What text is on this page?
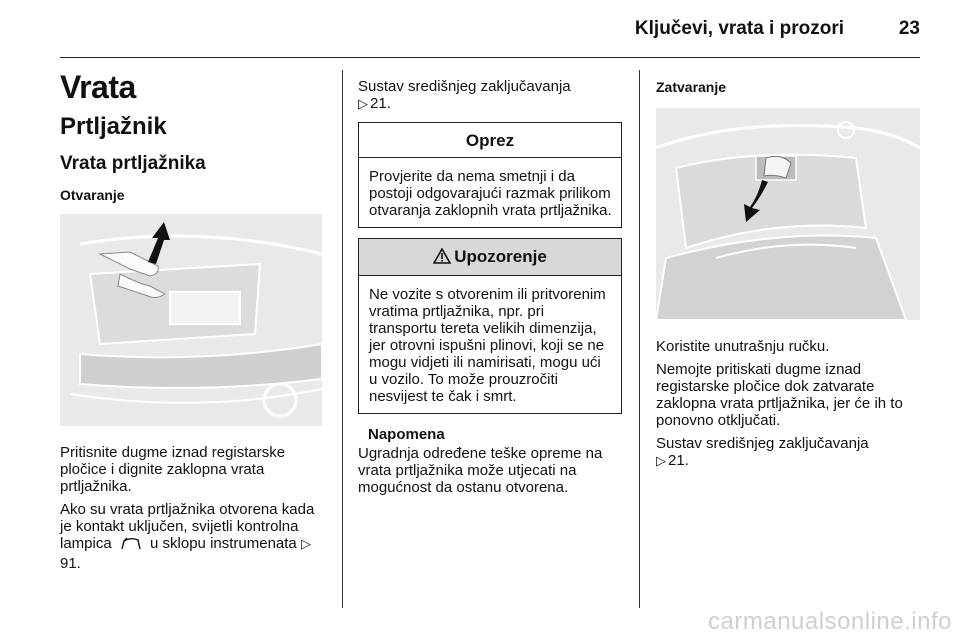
Ključevi, vrata i prozori	23
Vrata
Prtljažnik
Vrata prtljažnika
Otvaranje

Pritisnite dugme iznad registarske pločice i dignite zaklopna vrata prtljažnika.

Ako su vrata prtljažnika otvorena kada je kontakt uključen, svijetli kontrolna lampica	u sklopu instrumenata ▷91.

Sustav središnjeg zaključavanja
▷ 21.

Oprez
Provjerite da nema smetnji i da postoji odgovarajući razmak prilikom otvaranja zaklopnih vrata prtljažnika.
Upozorenje
Ne vozite s otvorenim ili pritvorenim vratima prtljažnika, npr. pri transportu tereta velikih dimenzija, jer otrovni ispušni plinovi, koji se ne mogu vidjeti ili namirisati, mogu ući u vozilo. To može prouzročiti nesvijest te čak i smrt.
Napomena

Ugradnja određene teške opreme na vrata prtljažnika može utjecati na mogućnost da ostanu otvorena.

Zatvaranje

Koristite unutrašnju ručku.

Nemojte pritiskati dugme iznad registarske pločice dok zatvarate zaklopna vrata prtljažnika, jer će ih to ponovno otključati.

Sustav središnjeg zaključavanja
▷ 21.

carmanualsonline.info
